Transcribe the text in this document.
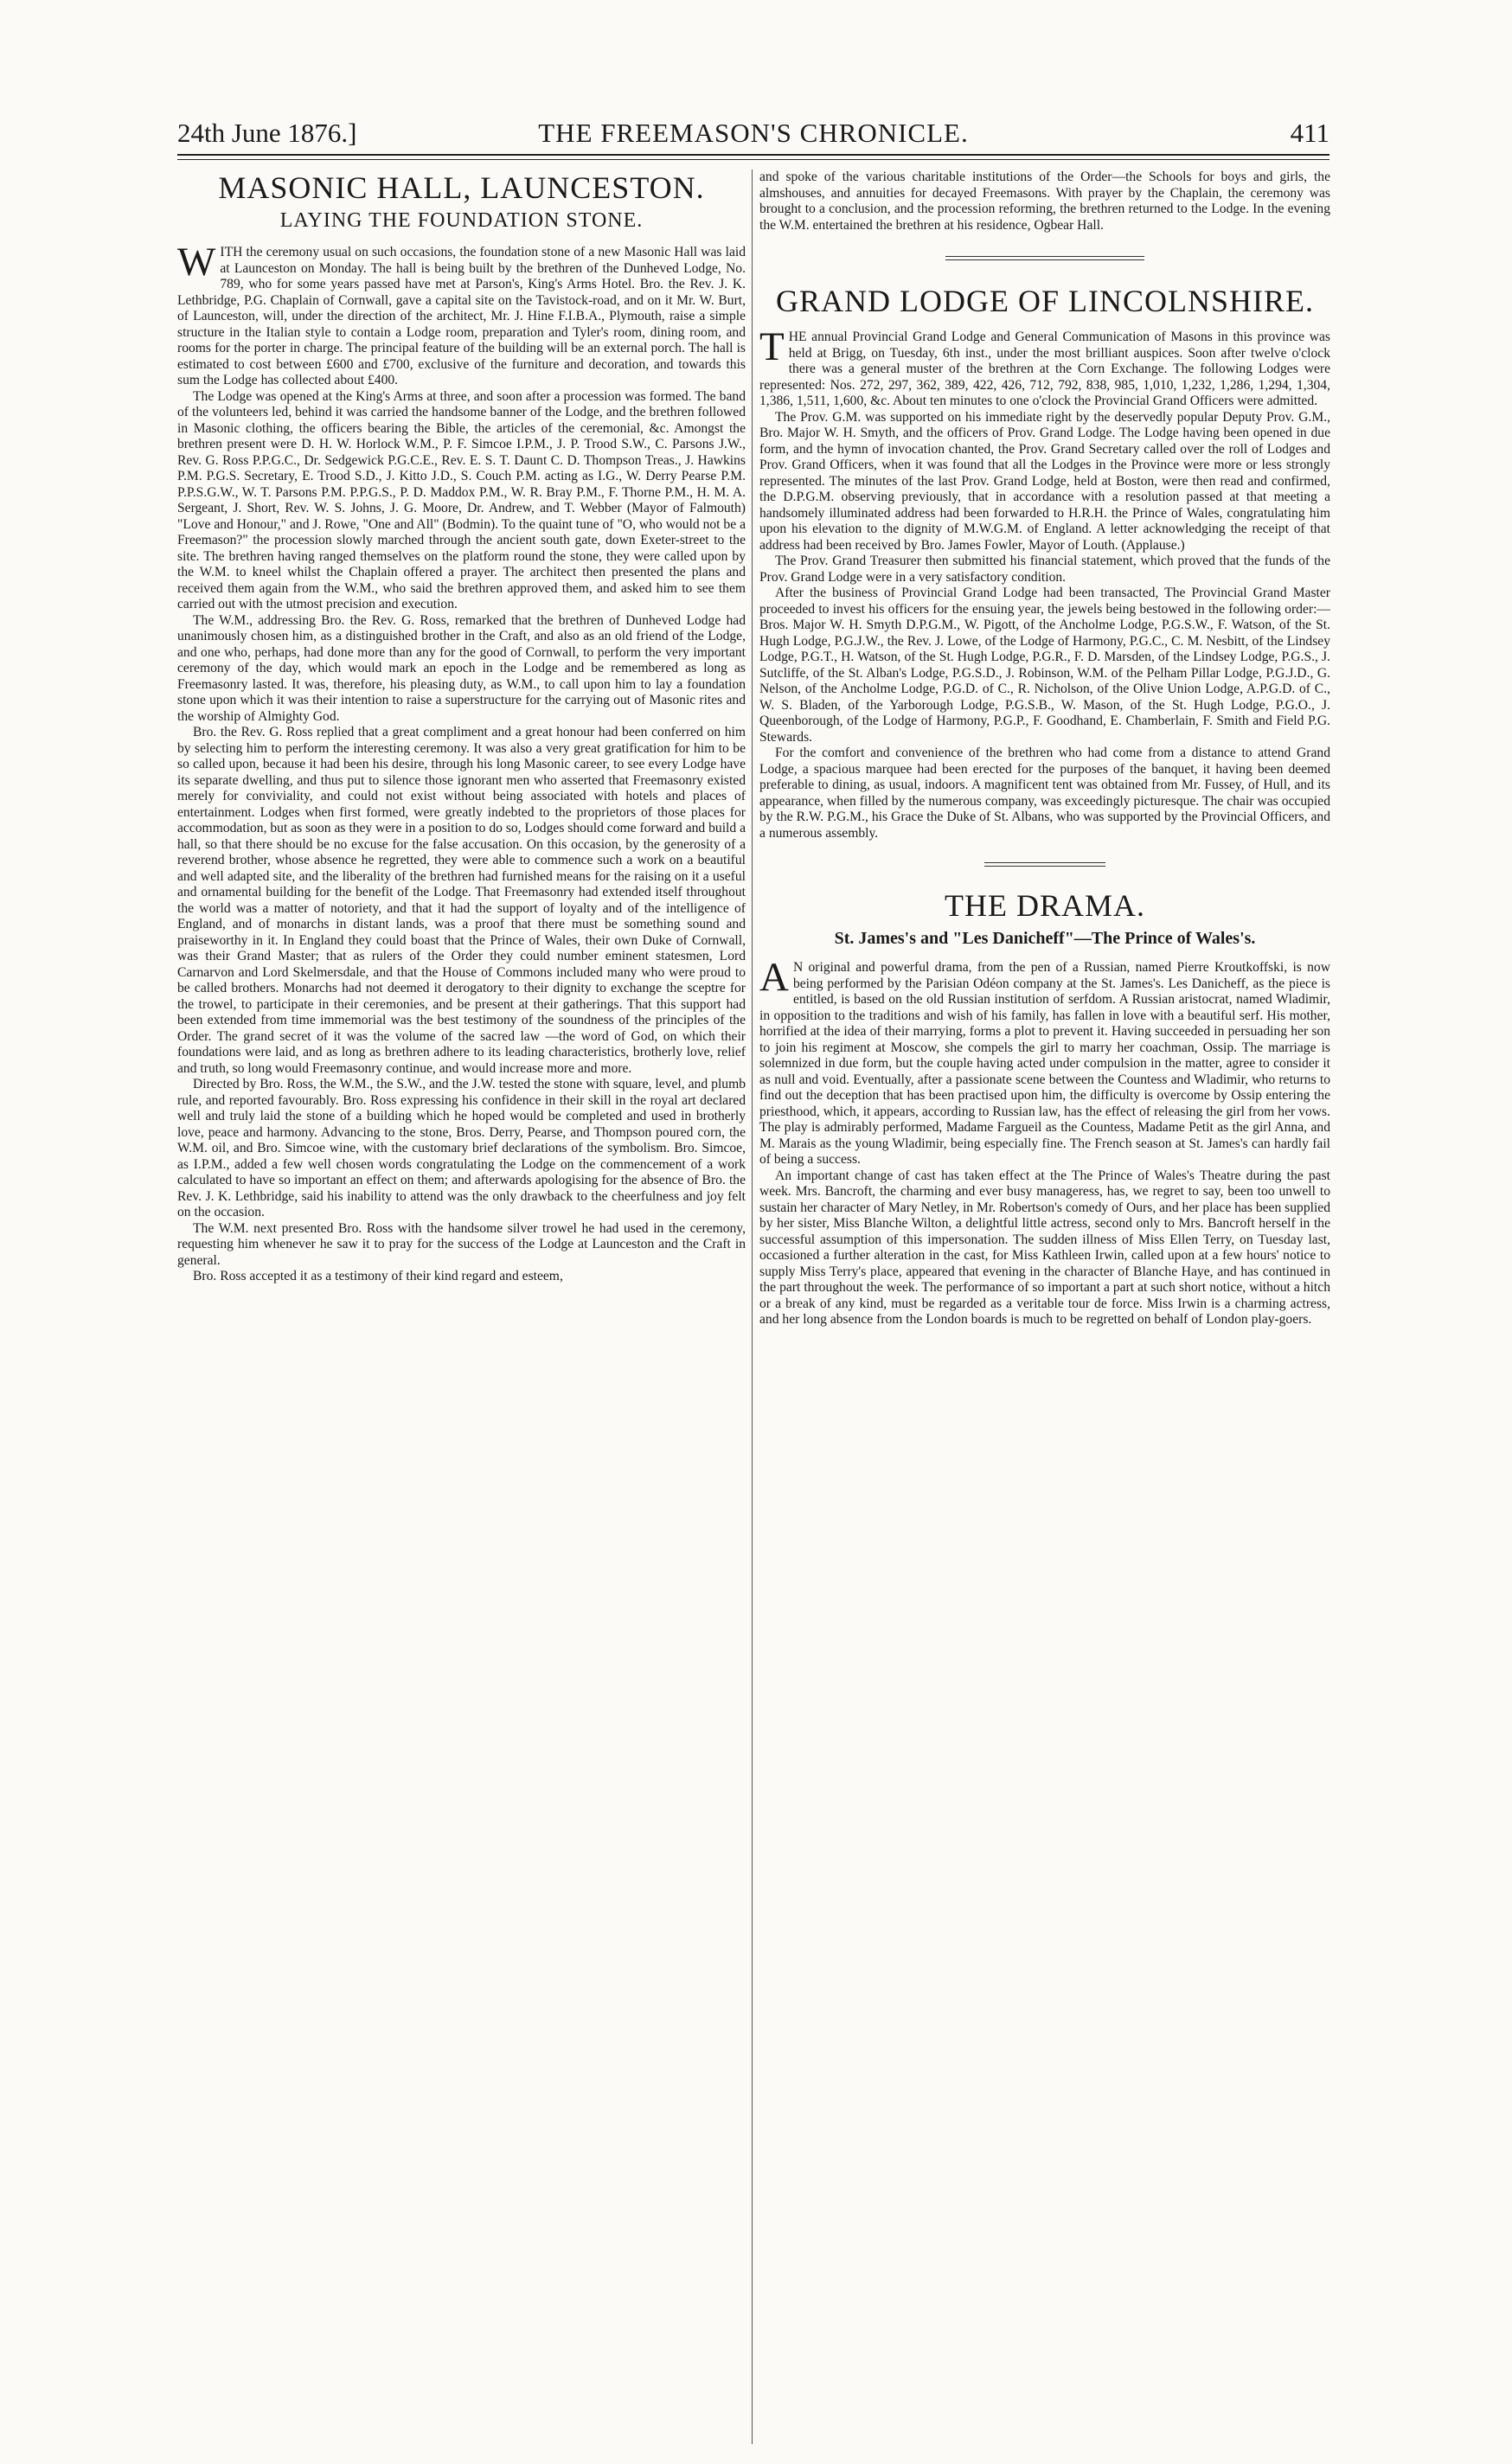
THE FREEMASON'S CHRONICLE.
24th June 1876.]	411
MASONIC HALL, LAUNCESTON.
LAYING THE FOUNDATION STONE.

WITH the ceremony usual on such occasions, the foundation stone of a new Masonic Hall was laid at Launceston on Monday. The hall is being built by the brethren of the Dunheved Lodge, No. 789, who for some years passed have met at Parson's, King's Arms Hotel. Bro. the Rev. J. K. Lethbridge, P.G. Chaplain of Cornwall, gave a capital site on the Tavistock-road, and on it Mr. W. Burt, of Launceston, will, under the direction of the architect, Mr. J. Hine F.I.B.A., Plymouth, raise a simple structure in the Italian style to contain a Lodge room, preparation and Tyler's room, dining room, and rooms for the porter in charge. The principal feature of the building will be an external porch. The hall is estimated to cost between £600 and £700, exclusive of the furniture and decoration, and towards this sum the Lodge has collected about £400.

The Lodge was opened at the King's Arms at three, and soon after a procession was formed. The band of the volunteers led, behind it was carried the handsome banner of the Lodge, and the brethren followed in Masonic clothing, the officers bearing the Bible, the articles of the ceremonial, &c. Amongst the brethren present were D. H. W. Horlock W.M., P. F. Simcoe I.P.M., J. P. Trood S.W., C. Parsons J.W., Rev. G. Ross P.P.G.C., Dr. Sedgewick P.G.C.E., Rev. E. S. T. Daunt C. D. Thompson Treas., J. Hawkins P.M. P.G.S. Secretary, E. Trood S.D., J. Kitto J.D., S. Couch P.M. acting as I.G., W. Derry Pearse P.M. P.P.S.G.W., W. T. Parsons P.M. P.P.G.S., P. D. Maddox P.M., W. R. Bray P.M., F. Thorne P.M., H. M. A. Sergeant, J. Short, Rev. W. S. Johns, J. G. Moore, Dr. Andrew, and T. Webber (Mayor of Falmouth) "Love and Honour," and J. Rowe, "One and All" (Bodmin). To the quaint tune of "O, who would not be a Freemason?" the procession slowly marched through the ancient south gate, down Exeter-street to the site. The brethren having ranged themselves on the platform round the stone, they were called upon by the W.M. to kneel whilst the Chaplain offered a prayer. The architect then presented the plans and received them again from the W.M., who said the brethren approved them, and asked him to see them carried out with the utmost precision and execution.

The W.M., addressing Bro. the Rev. G. Ross, remarked that the brethren of Dunheved Lodge had unanimously chosen him, as a distinguished brother in the Craft, and also as an old friend of the Lodge, and one who, perhaps, had done more than any for the good of Cornwall, to perform the very important ceremony of the day, which would mark an epoch in the Lodge and be remembered as long as Freemasonry lasted. It was, therefore, his pleasing duty, as W.M., to call upon him to lay a foundation stone upon which it was their intention to raise a superstructure for the carrying out of Masonic rites and the worship of Almighty God.

Bro. the Rev. G. Ross replied that a great compliment and a great honour had been conferred on him by selecting him to perform the interesting ceremony. It was also a very great gratification for him to be so called upon, because it had been his desire, through his long Masonic career, to see every Lodge have its separate dwelling, and thus put to silence those ignorant men who asserted that Freemasonry existed merely for conviviality, and could not exist without being associated with hotels and places of entertainment. Lodges when first formed, were greatly indebted to the proprietors of those places for accommodation, but as soon as they were in a position to do so, Lodges should come forward and build a hall, so that there should be no excuse for the false accusation. On this occasion, by the generosity of a reverend brother, whose absence he regretted, they were able to commence such a work on a beautiful and well adapted site, and the liberality of the brethren had furnished means for the raising on it a useful and ornamental building for the benefit of the Lodge. That Freemasonry had extended itself throughout the world was a matter of notoriety, and that it had the support of loyalty and of the intelligence of England, and of monarchs in distant lands, was a proof that there must be something sound and praiseworthy in it. In England they could boast that the Prince of Wales, their own Duke of Cornwall, was their Grand Master; that as rulers of the Order they could number eminent statesmen, Lord Carnarvon and Lord Skelmersdale, and that the House of Commons included many who were proud to be called brothers. Monarchs had not deemed it derogatory to their dignity to exchange the sceptre for the trowel, to participate in their ceremonies, and be present at their gatherings. That this support had been extended from time immemorial was the best testimony of the soundness of the principles of the Order. The grand secret of it was the volume of the sacred law —the word of God, on which their foundations were laid, and as long as brethren adhere to its leading characteristics, brotherly love, relief and truth, so long would Freemasonry continue, and would increase more and more.

Directed by Bro. Ross, the W.M., the S.W., and the J.W. tested the stone with square, level, and plumb rule, and reported favourably. Bro. Ross expressing his confidence in their skill in the royal art declared well and truly laid the stone of a building which he hoped would be completed and used in brotherly love, peace and harmony. Advancing to the stone, Bros. Derry, Pearse, and Thompson poured corn, the W.M. oil, and Bro. Simcoe wine, with the customary brief declarations of the symbolism. Bro. Simcoe, as I.P.M., added a few well chosen words congratulating the Lodge on the commencement of a work calculated to have so important an effect on them; and afterwards apologising for the absence of Bro. the Rev. J. K. Lethbridge, said his inability to attend was the only drawback to the cheerfulness and joy felt on the occasion.

The W.M. next presented Bro. Ross with the handsome silver trowel he had used in the ceremony, requesting him whenever he saw it to pray for the success of the Lodge at Launceston and the Craft in general.

Bro. Ross accepted it as a testimony of their kind regard and esteem,

and spoke of the various charitable institutions of the Order—the Schools for boys and girls, the almshouses, and annuities for decayed Freemasons. With prayer by the Chaplain, the ceremony was brought to a conclusion, and the procession reforming, the brethren returned to the Lodge. In the evening the W.M. entertained the brethren at his residence, Ogbear Hall.

GRAND LODGE OF LINCOLNSHIRE.

THE annual Provincial Grand Lodge and General Communication of Masons in this province was held at Brigg, on Tuesday, 6th inst., under the most brilliant auspices. Soon after twelve o'clock there was a general muster of the brethren at the Corn Exchange. The following Lodges were represented: Nos. 272, 297, 362, 389, 422, 426, 712, 792, 838, 985, 1,010, 1,232, 1,286, 1,294, 1,304, 1,386, 1,511, 1,600, &c. About ten minutes to one o'clock the Provincial Grand Officers were admitted.

The Prov. G.M. was supported on his immediate right by the deservedly popular Deputy Prov. G.M., Bro. Major W. H. Smyth, and the officers of Prov. Grand Lodge. The Lodge having been opened in due form, and the hymn of invocation chanted, the Prov. Grand Secretary called over the roll of Lodges and Prov. Grand Officers, when it was found that all the Lodges in the Province were more or less strongly represented. The minutes of the last Prov. Grand Lodge, held at Boston, were then read and confirmed, the D.P.G.M. observing previously, that in accordance with a resolution passed at that meeting a handsomely illuminated address had been forwarded to H.R.H. the Prince of Wales, congratulating him upon his elevation to the dignity of M.W.G.M. of England. A letter acknowledging the receipt of that address had been received by Bro. James Fowler, Mayor of Louth. (Applause.)

The Prov. Grand Treasurer then submitted his financial statement, which proved that the funds of the Prov. Grand Lodge were in a very satisfactory condition.

After the business of Provincial Grand Lodge had been transacted, The Provincial Grand Master proceeded to invest his officers for the ensuing year, the jewels being bestowed in the following order:— Bros. Major W. H. Smyth D.P.G.M., W. Pigott, of the Ancholme Lodge, P.G.S.W., F. Watson, of the St. Hugh Lodge, P.G.J.W., the Rev. J. Lowe, of the Lodge of Harmony, P.G.C., C. M. Nesbitt, of the Lindsey Lodge, P.G.T., H. Watson, of the St. Hugh Lodge, P.G.R., F. D. Marsden, of the Lindsey Lodge, P.G.S., J. Sutcliffe, of the St. Alban's Lodge, P.G.S.D., J. Robinson, W.M. of the Pelham Pillar Lodge, P.G.J.D., G. Nelson, of the Ancholme Lodge, P.G.D. of C., R. Nicholson, of the Olive Union Lodge, A.P.G.D. of C., W. S. Bladen, of the Yarborough Lodge, P.G.S.B., W. Mason, of the St. Hugh Lodge, P.G.O., J. Queenborough, of the Lodge of Harmony, P.G.P., F. Goodhand, E. Chamberlain, F. Smith and Field P.G. Stewards.

For the comfort and convenience of the brethren who had come from a distance to attend Grand Lodge, a spacious marquee had been erected for the purposes of the banquet, it having been deemed preferable to dining, as usual, indoors. A magnificent tent was obtained from Mr. Fussey, of Hull, and its appearance, when filled by the numerous company, was exceedingly picturesque. The chair was occupied by the R.W. P.G.M., his Grace the Duke of St. Albans, who was supported by the Provincial Officers, and a numerous assembly.

THE DRAMA.
St. James's and "Les Danicheff"—The Prince of Wales's.

A N original and powerful drama, from the pen of a Russian, named Pierre Kroutkoffski, is now being performed by the Parisian Odéon company at the St. James's. Les Danicheff, as the piece is entitled, is based on the old Russian institution of serfdom. A Russian aristocrat, named Wladimir, in opposition to the traditions and wish of his family, has fallen in love with a beautiful serf. His mother, horrified at the idea of their marrying, forms a plot to prevent it. Having succeeded in persuading her son to join his regiment at Moscow, she compels the girl to marry her coachman, Ossip. The marriage is solemnized in due form, but the couple having acted under compulsion in the matter, agree to consider it as null and void. Eventually, after a passionate scene between the Countess and Wladimir, who returns to find out the deception that has been practised upon him, the difficulty is overcome by Ossip entering the priesthood, which, it appears, according to Russian law, has the effect of releasing the girl from her vows. The play is admirably performed, Madame Fargueil as the Countess, Madame Petit as the girl Anna, and M. Marais as the young Wladimir, being especially fine. The French season at St. James's can hardly fail of being a success.

An important change of cast has taken effect at the The Prince of Wales's Theatre during the past week. Mrs. Bancroft, the charming and ever busy manageress, has, we regret to say, been too unwell to sustain her character of Mary Netley, in Mr. Robertson's comedy of Ours, and her place has been supplied by her sister, Miss Blanche Wilton, a delightful little actress, second only to Mrs. Bancroft herself in the successful assumption of this impersonation. The sudden illness of Miss Ellen Terry, on Tuesday last, occasioned a further alteration in the cast, for Miss Kathleen Irwin, called upon at a few hours' notice to supply Miss Terry's place, appeared that evening in the character of Blanche Haye, and has continued in the part throughout the week. The performance of so important a part at such short notice, without a hitch or a break of any kind, must be regarded as a veritable tour de force. Miss Irwin is a charming actress, and her long absence from the London boards is much to be regretted on behalf of London play-goers.
